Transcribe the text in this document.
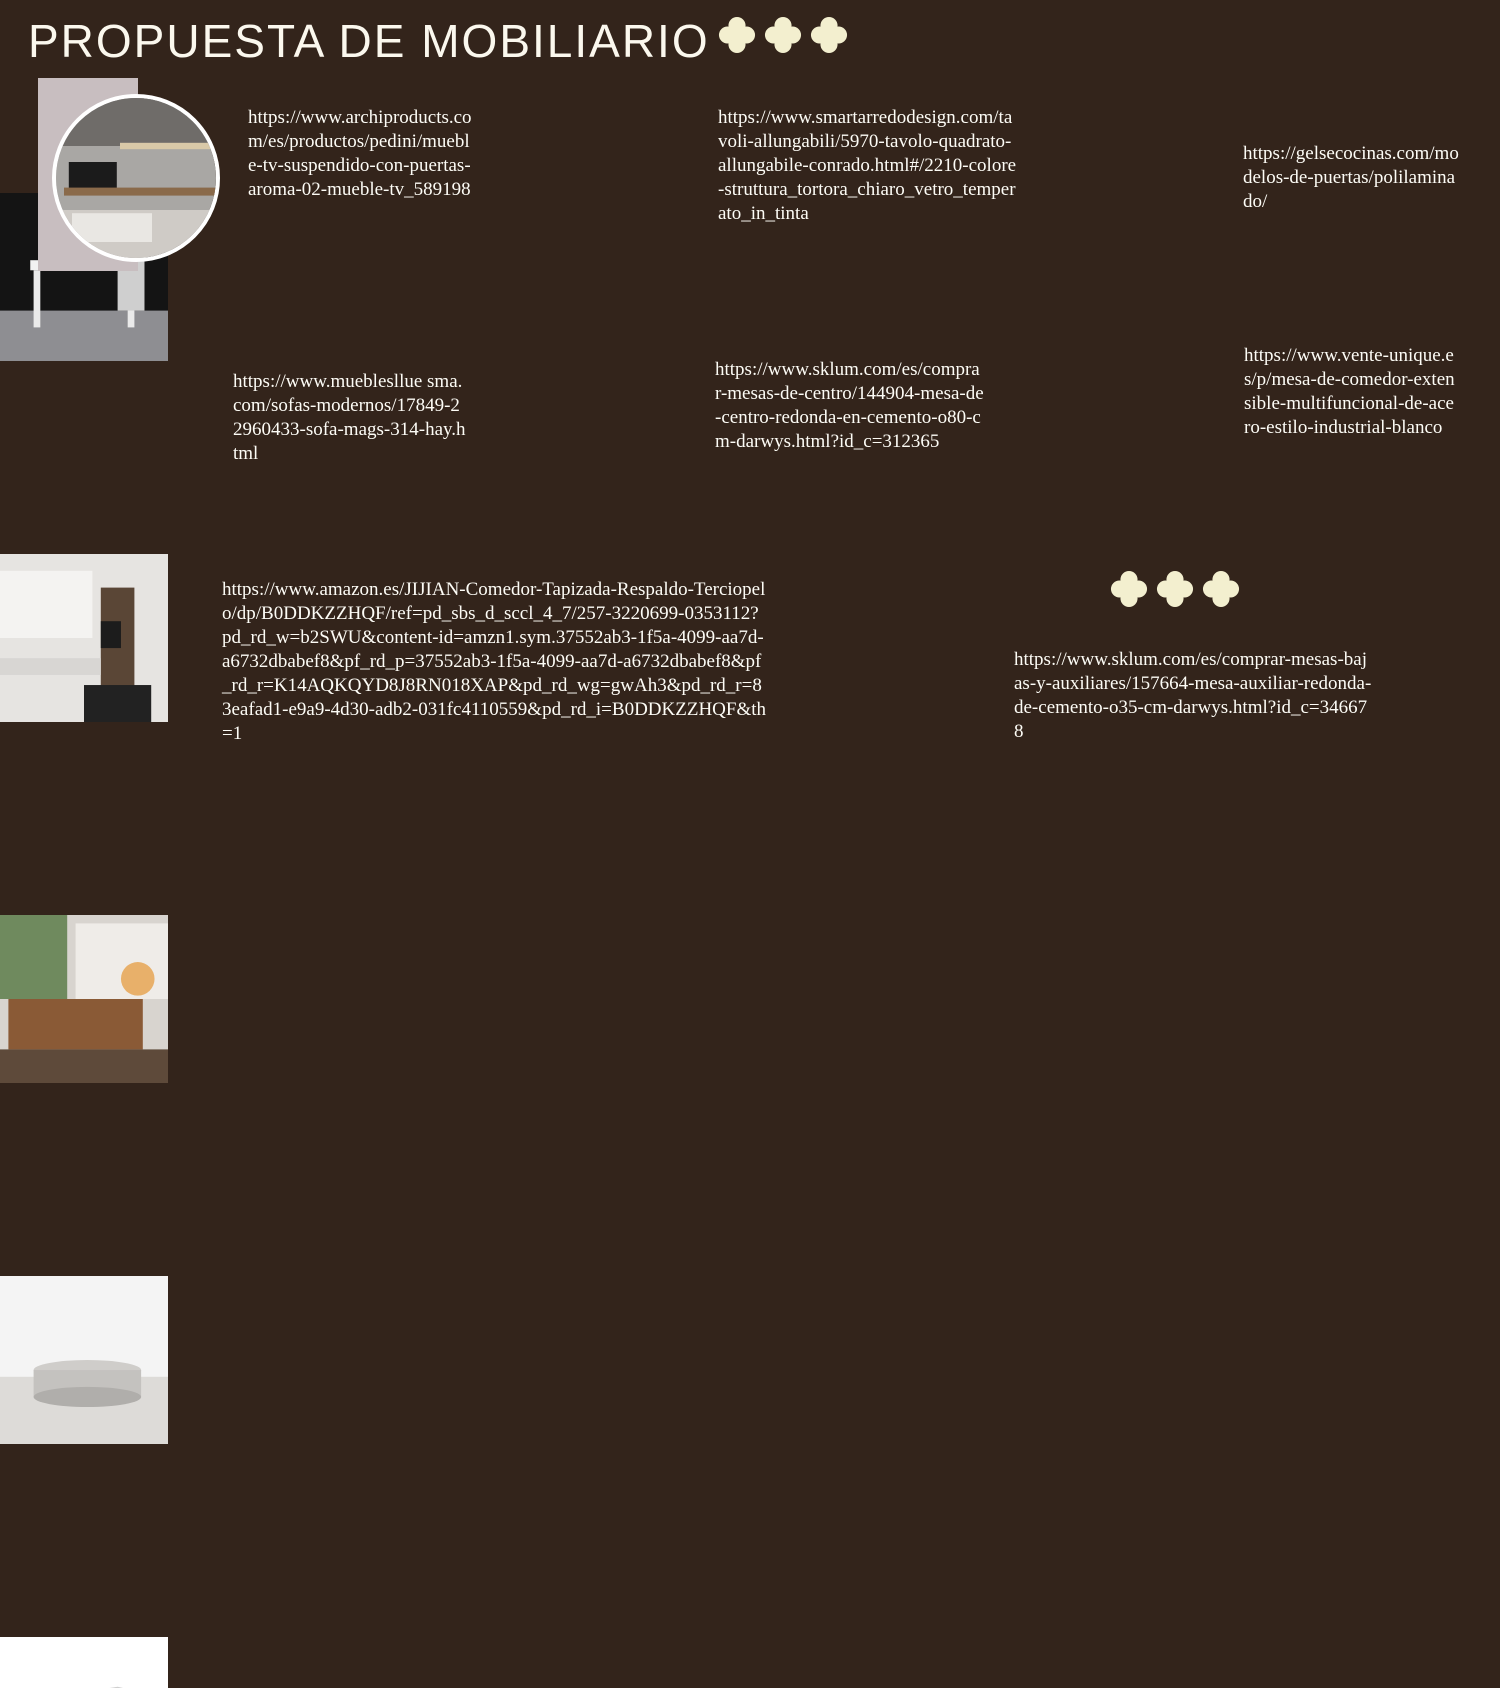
PROPUESTA DE MOBILIARIO
https://www.archiproducts.com/es/productos/pedini/mueble-tv-suspendido-con-puertas-aroma-02-mueble-tv_589198
https://www.smartarredodesign.com/tavoli-allungabili/5970-tavolo-quadrato-allungabile-conrado.html#/2210-colore-struttura_tortora_chiaro_vetro_temperato_in_tinta
https://gelsecocinas.com/modelos-de-puertas/polilaminado/
https://www.mueblesllue sma.com/sofas-modernos/17849-22960433-sofa-mags-314-hay.html
https://www.sklum.com/es/comprar-mesas-de-centro/144904-mesa-de-centro-redonda-en-cemento-o80-cm-darwys.html?id_c=312365
https://www.vente-unique.es/p/mesa-de-comedor-extensible-multifuncional-de-acero-estilo-industrial-blanco
https://www.amazon.es/JIJIAN-Comedor-Tapizada-Respaldo-Terciopelo/dp/B0DDKZZHQF/ref=pd_sbs_d_sccl_4_7/257-3220699-0353112?pd_rd_w=b2SWU&content-id=amzn1.sym.37552ab3-1f5a-4099-aa7d-a6732dbabef8&pf_rd_p=37552ab3-1f5a-4099-aa7d-a6732dbabef8&pf_rd_r=K14AQKQYD8J8RN018XAP&pd_rd_wg=gwAh3&pd_rd_r=83eafad1-e9a9-4d30-adb2-031fc4110559&pd_rd_i=B0DDKZZHQF&th=1
https://www.sklum.com/es/comprar-mesas-bajas-y-auxiliares/157664-mesa-auxiliar-redonda-de-cemento-o35-cm-darwys.html?id_c=346678
